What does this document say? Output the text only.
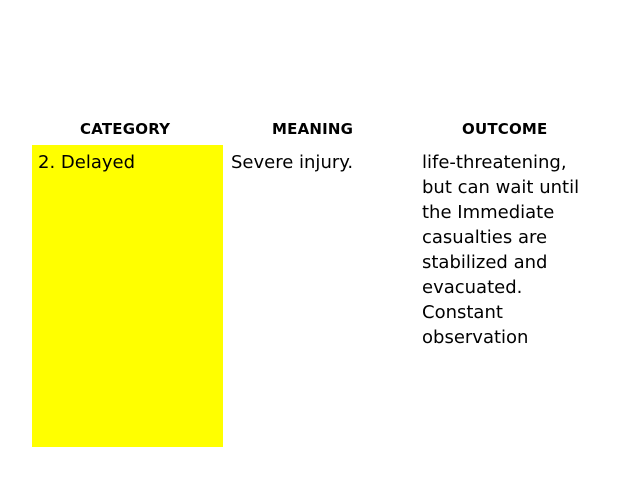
CATEGORY	MEANING	OUTCOME
2. Delayed	Severe injury.	life-threatening,
but can wait until
the Immediate
casualties are
stabilized and
evacuated.
Constant
observation
